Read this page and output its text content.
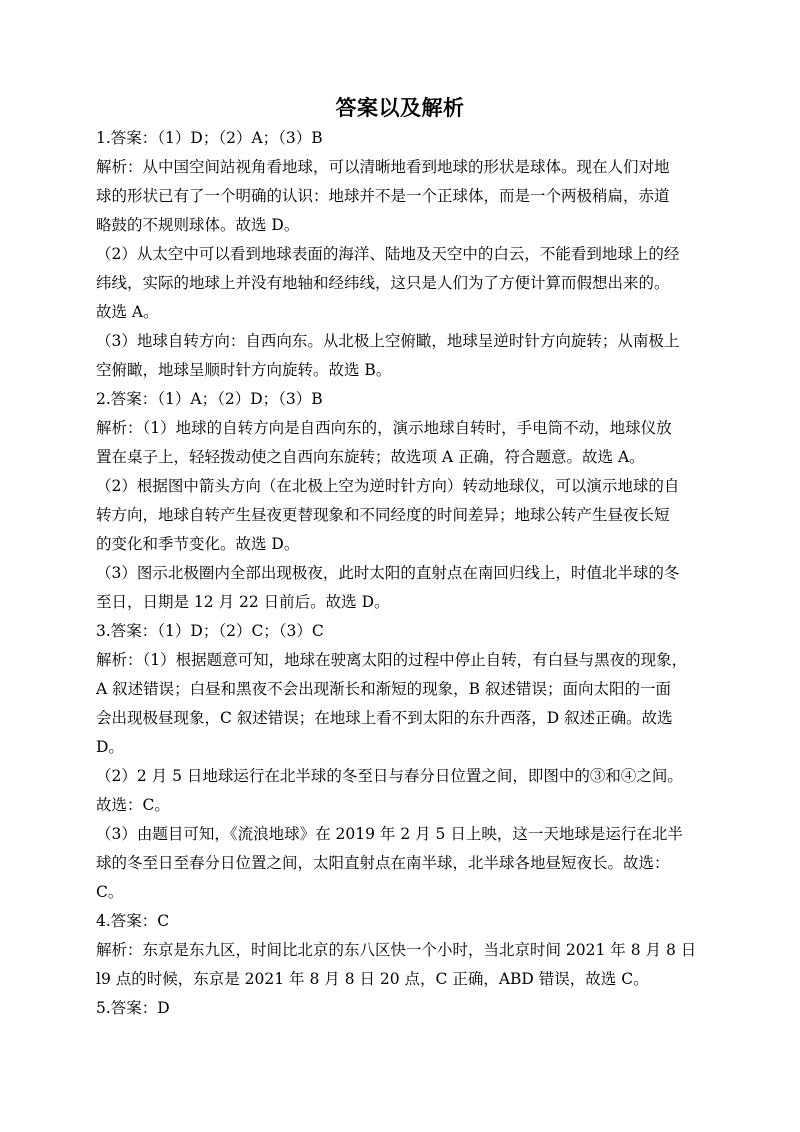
答案以及解析
1.答案：（1）D；（2）A；（3）B
解析：从中国空间站视角看地球，可以清晰地看到地球的形状是球体。现在人们对地
球的形状已有了一个明确的认识：地球并不是一个正球体，而是一个两极稍扁，赤道
略鼓的不规则球体。故选 D。
（2）从太空中可以看到地球表面的海洋、陆地及天空中的白云，不能看到地球上的经
纬线，实际的地球上并没有地轴和经纬线，这只是人们为了方便计算而假想出来的。
故选 A。
（3）地球自转方向：自西向东。从北极上空俯瞰，地球呈逆时针方向旋转；从南极上
空俯瞰，地球呈顺时针方向旋转。故选 B。
2.答案：（1）A；（2）D；（3）B
解析：（1）地球的自转方向是自西向东的，演示地球自转时，手电筒不动，地球仪放
置在桌子上，轻轻拨动使之自西向东旋转；故选项 A 正确，符合题意。故选 A。
（2）根据图中箭头方向（在北极上空为逆时针方向）转动地球仪，可以演示地球的自
转方向，地球自转产生昼夜更替现象和不同经度的时间差异；地球公转产生昼夜长短
的变化和季节变化。故选 D。
（3）图示北极圈内全部出现极夜，此时太阳的直射点在南回归线上，时值北半球的冬
至日，日期是 12 月 22 日前后。故选 D。
3.答案：（1）D；（2）C；（3）C
解析：（1）根据题意可知，地球在驶离太阳的过程中停止自转，有白昼与黑夜的现象，
A 叙述错误；白昼和黑夜不会出现渐长和渐短的现象，B 叙述错误；面向太阳的一面
会出现极昼现象，C 叙述错误；在地球上看不到太阳的东升西落，D 叙述正确。故选
D。
（2）2 月 5 日地球运行在北半球的冬至日与春分日位置之间，即图中的③和④之间。
故选：C。
（3）由题目可知，《流浪地球》在 2019 年 2 月 5 日上映，这一天地球是运行在北半
球的冬至日至春分日位置之间，太阳直射点在南半球，北半球各地昼短夜长。故选：
C。
4.答案：C
解析：东京是东九区，时间比北京的东八区快一个小时，当北京时间 2021 年 8 月 8 日
l9 点的时候，东京是 2021 年 8 月 8 日 20 点，C 正确，ABD 错误，故选 C。
5.答案：D
